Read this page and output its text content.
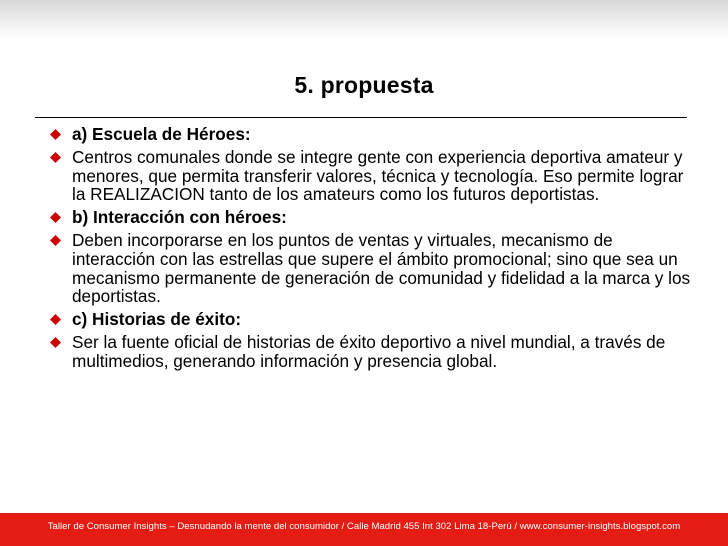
5. propuesta
a) Escuela de Héroes:
Centros comunales donde se integre gente con experiencia deportiva amateur y menores, que permita transferir valores, técnica y tecnología. Eso permite lograr la REALIZACION tanto de los amateurs como los futuros deportistas.
b) Interacción con héroes:
Deben incorporarse en los puntos de ventas y virtuales, mecanismo de interacción con las estrellas que supere el ámbito promocional; sino que sea un mecanismo permanente de generación de comunidad y fidelidad a la marca y los deportistas.
c) Historias de éxito:
Ser la fuente oficial de historias de éxito deportivo a nivel mundial, a través de multimedios, generando información y presencia global.
Taller de Consumer Insights – Desnudando la mente del consumidor / Calle Madrid 455 Int 302 Lima 18-Perú / www.consumer-insights.blogspot.com
